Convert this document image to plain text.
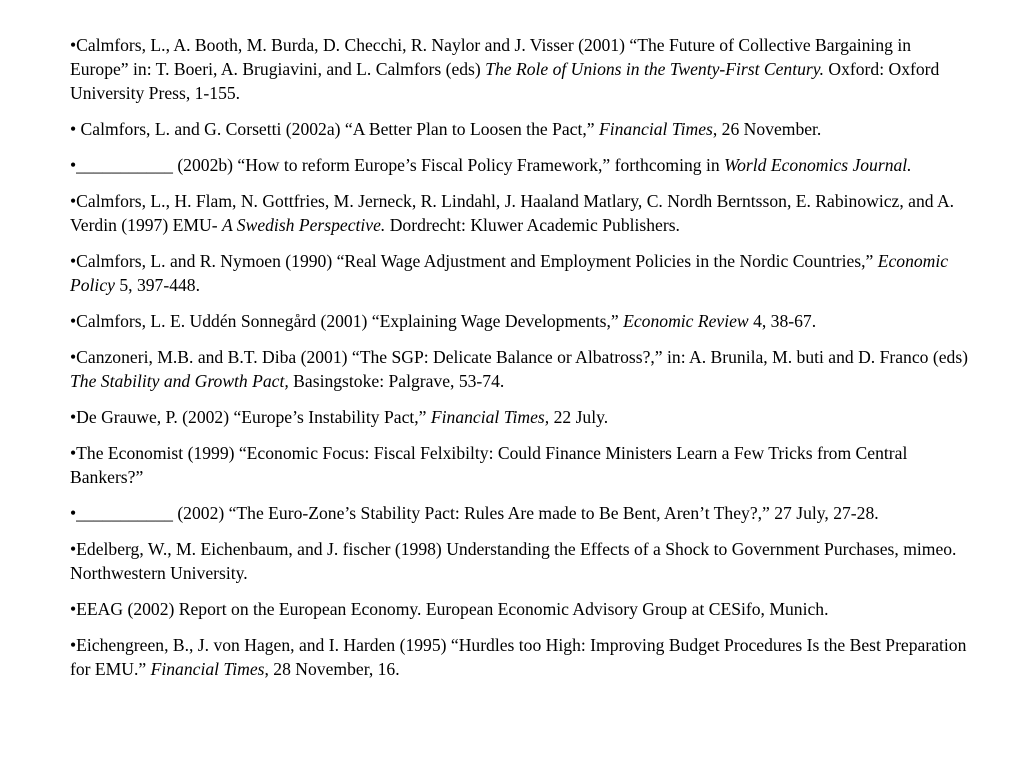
•Calmfors, L., A. Booth, M. Burda, D. Checchi, R. Naylor and J. Visser (2001) “The Future of Collective Bargaining in Europe” in: T. Boeri, A. Brugiavini, and L. Calmfors (eds) The Role of Unions in the Twenty-First Century. Oxford: Oxford University Press, 1-155.

• Calmfors, L. and G. Corsetti (2002a) “A Better Plan to Loosen the Pact,” Financial Times, 26 November.

•___________ (2002b) “How to reform Europe’s Fiscal Policy Framework,” forthcoming in World Economics Journal.

•Calmfors, L., H. Flam, N. Gottfries, M. Jerneck, R. Lindahl, J. Haaland Matlary, C. Nordh Berntsson, E. Rabinowicz, and A. Verdin (1997) EMU- A Swedish Perspective. Dordrecht: Kluwer Academic Publishers.

•Calmfors, L. and R. Nymoen (1990) “Real Wage Adjustment and Employment Policies in the Nordic Countries,” Economic Policy 5, 397-448.

•Calmfors, L. E. Uddén Sonnegård (2001) “Explaining Wage Developments,” Economic Review 4, 38-67.

•Canzoneri, M.B. and B.T. Diba (2001) “The SGP: Delicate Balance or Albatross?,” in: A. Brunila, M. buti and D. Franco (eds) The Stability and Growth Pact, Basingstoke: Palgrave, 53-74.

•De Grauwe, P. (2002) “Europe’s Instability Pact,” Financial Times, 22 July.

•The Economist (1999) “Economic Focus: Fiscal Felxibilty: Could Finance Ministers Learn a Few Tricks from Central Bankers?”

•___________ (2002) “The Euro-Zone’s Stability Pact: Rules Are made to Be Bent, Aren’t They?,” 27 July, 27-28.

•Edelberg, W., M. Eichenbaum, and J. fischer (1998) Understanding the Effects of a Shock to Government Purchases, mimeo. Northwestern University.

•EEAG (2002) Report on the European Economy. European Economic Advisory Group at CESifo, Munich.

•Eichengreen, B., J. von Hagen, and I. Harden (1995) “Hurdles too High: Improving Budget Procedures Is the Best Preparation for EMU.” Financial Times, 28 November, 16.
